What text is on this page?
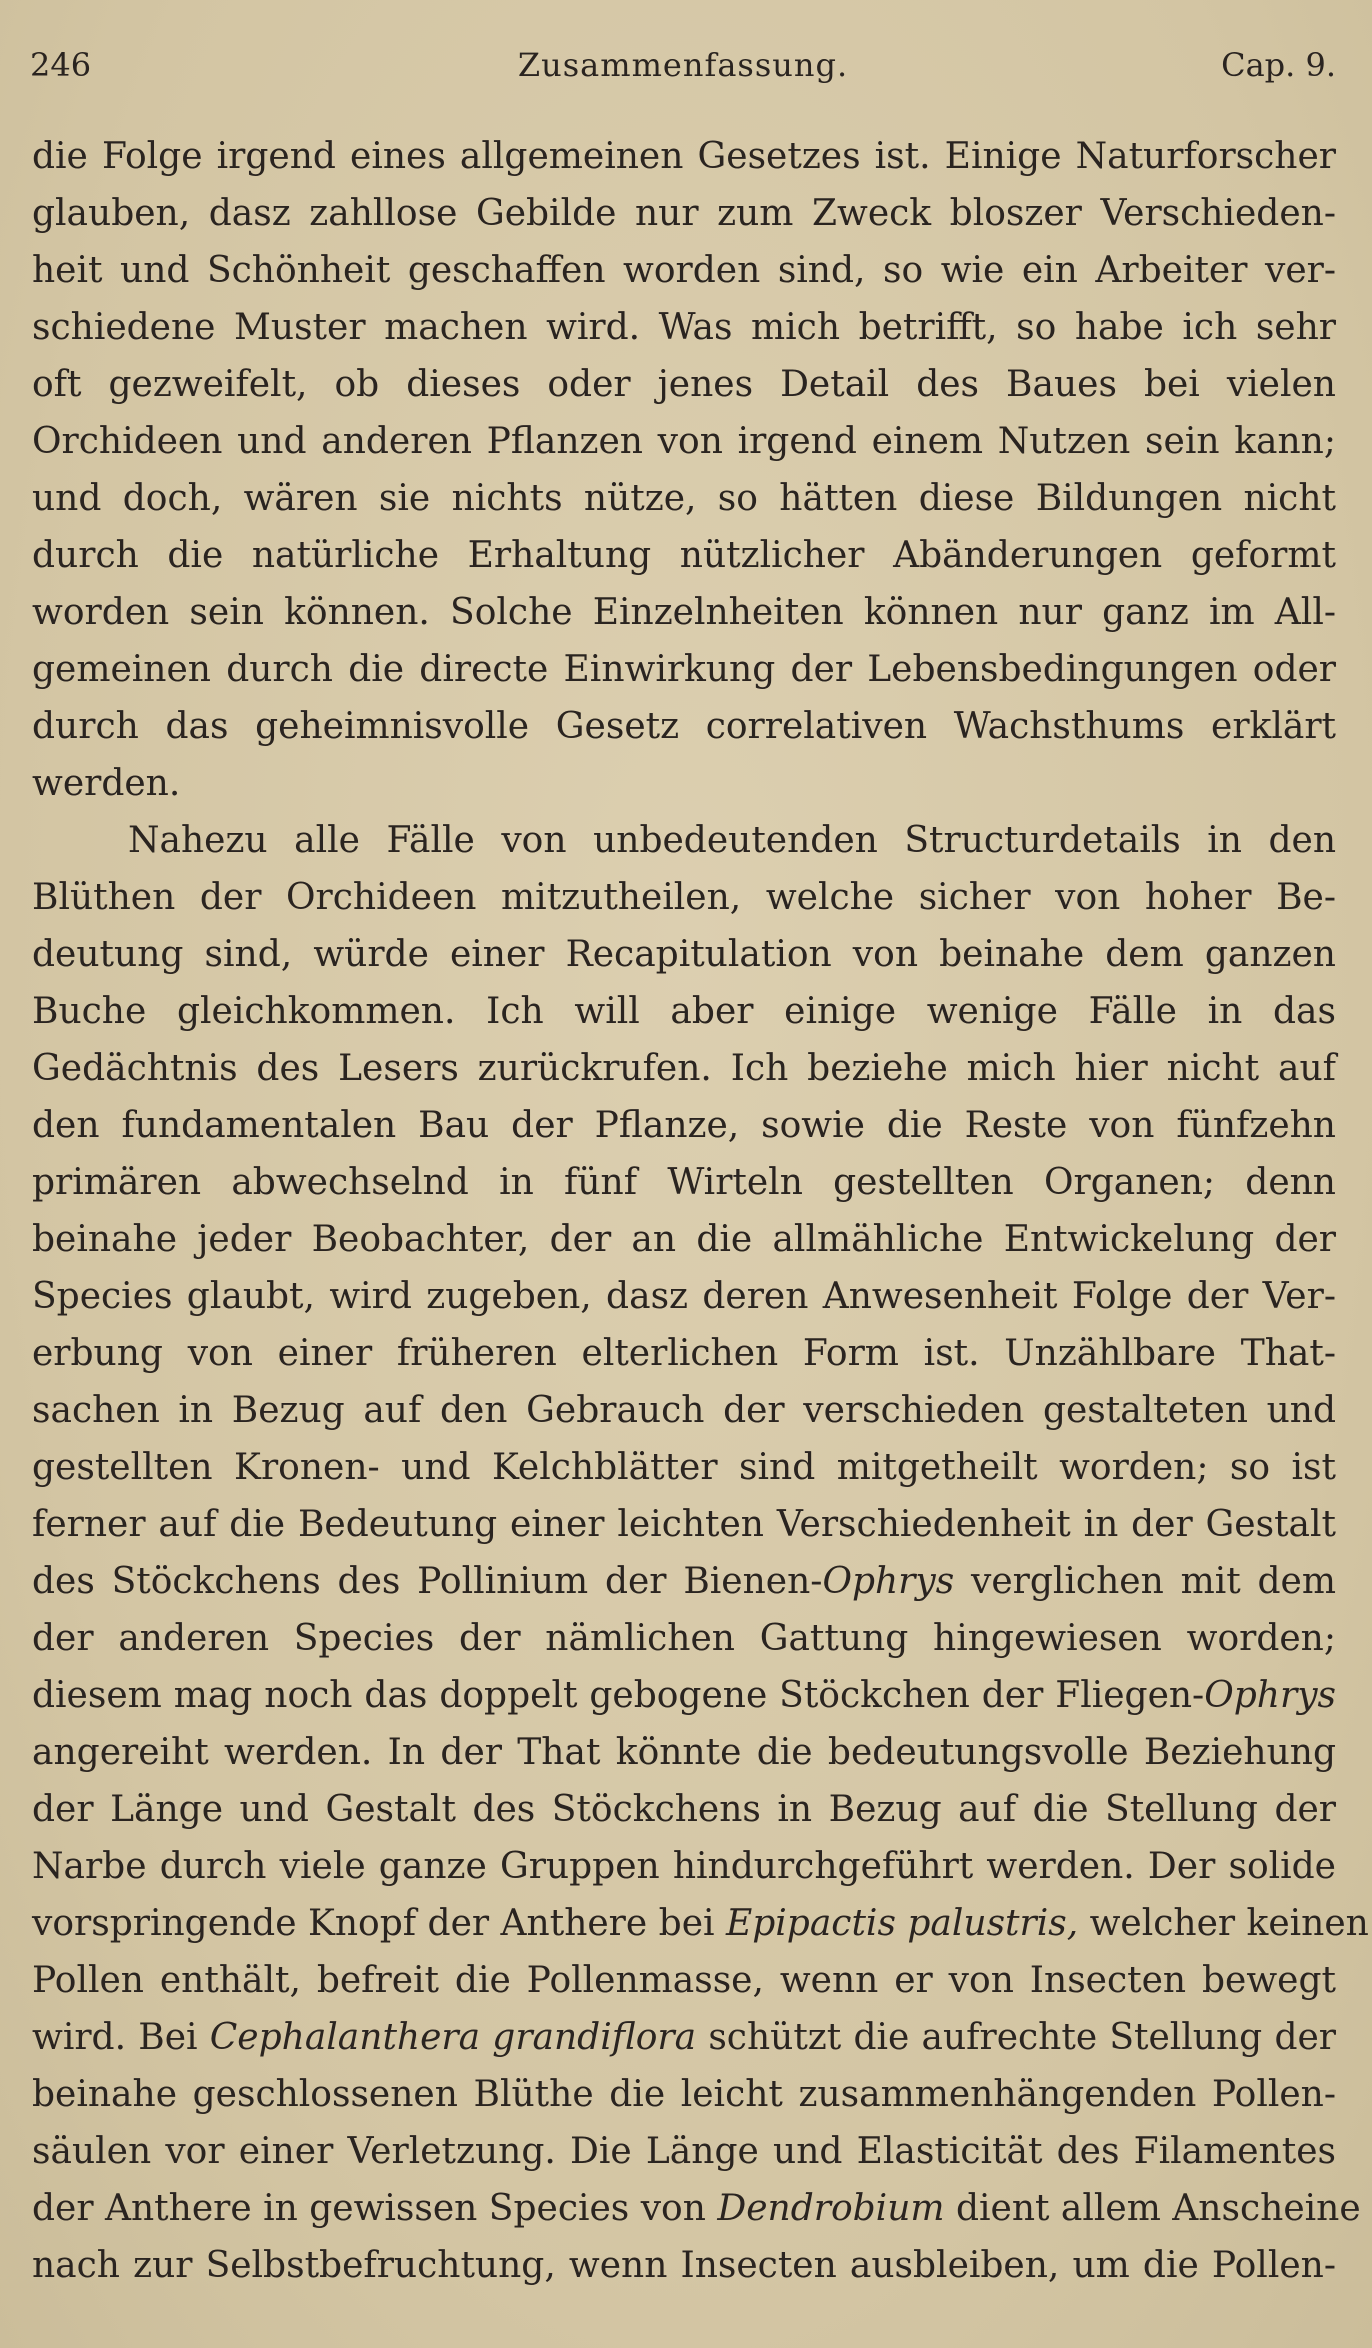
246	Zusammenfassung.	Cap. 9.
die Folge irgend eines allgemeinen Gesetzes ist. Einige Naturforscher
glauben, dasz zahllose Gebilde nur zum Zweck bloszer Verschieden-
heit und Schönheit geschaffen worden sind, so wie ein Arbeiter ver-
schiedene Muster machen wird. Was mich betrifft, so habe ich sehr
oft gezweifelt, ob dieses oder jenes Detail des Baues bei vielen
Orchideen und anderen Pflanzen von irgend einem Nutzen sein kann;
und doch, wären sie nichts nütze, so hätten diese Bildungen nicht
durch die natürliche Erhaltung nützlicher Abänderungen geformt
worden sein können. Solche Einzelnheiten können nur ganz im All-
gemeinen durch die directe Einwirkung der Lebensbedingungen oder
durch das geheimnisvolle Gesetz correlativen Wachsthums erklärt
werden.
Nahezu alle Fälle von unbedeutenden Structurdetails in den
Blüthen der Orchideen mitzutheilen, welche sicher von hoher Be-
deutung sind, würde einer Recapitulation von beinahe dem ganzen
Buche gleichkommen. Ich will aber einige wenige Fälle in das
Gedächtnis des Lesers zurückrufen. Ich beziehe mich hier nicht auf
den fundamentalen Bau der Pflanze, sowie die Reste von fünfzehn
primären abwechselnd in fünf Wirteln gestellten Organen; denn
beinahe jeder Beobachter, der an die allmähliche Entwickelung der
Species glaubt, wird zugeben, dasz deren Anwesenheit Folge der Ver-
erbung von einer früheren elterlichen Form ist. Unzählbare That-
sachen in Bezug auf den Gebrauch der verschieden gestalteten und
gestellten Kronen- und Kelchblätter sind mitgetheilt worden; so ist
ferner auf die Bedeutung einer leichten Verschiedenheit in der Gestalt
des Stöckchens des Pollinium der Bienen-Ophrys verglichen mit dem
der anderen Species der nämlichen Gattung hingewiesen worden;
diesem mag noch das doppelt gebogene Stöckchen der Fliegen-Ophrys
angereiht werden. In der That könnte die bedeutungsvolle Beziehung
der Länge und Gestalt des Stöckchens in Bezug auf die Stellung der
Narbe durch viele ganze Gruppen hindurchgeführt werden. Der solide
vorspringende Knopf der Anthere bei Epipactis palustris, welcher keinen
Pollen enthält, befreit die Pollenmasse, wenn er von Insecten bewegt
wird. Bei Cephalanthera grandiflora schützt die aufrechte Stellung der
beinahe geschlossenen Blüthe die leicht zusammenhängenden Pollen-
säulen vor einer Verletzung. Die Länge und Elasticität des Filamentes
der Anthere in gewissen Species von Dendrobium dient allem Anscheine
nach zur Selbstbefruchtung, wenn Insecten ausbleiben, um die Pollen-
